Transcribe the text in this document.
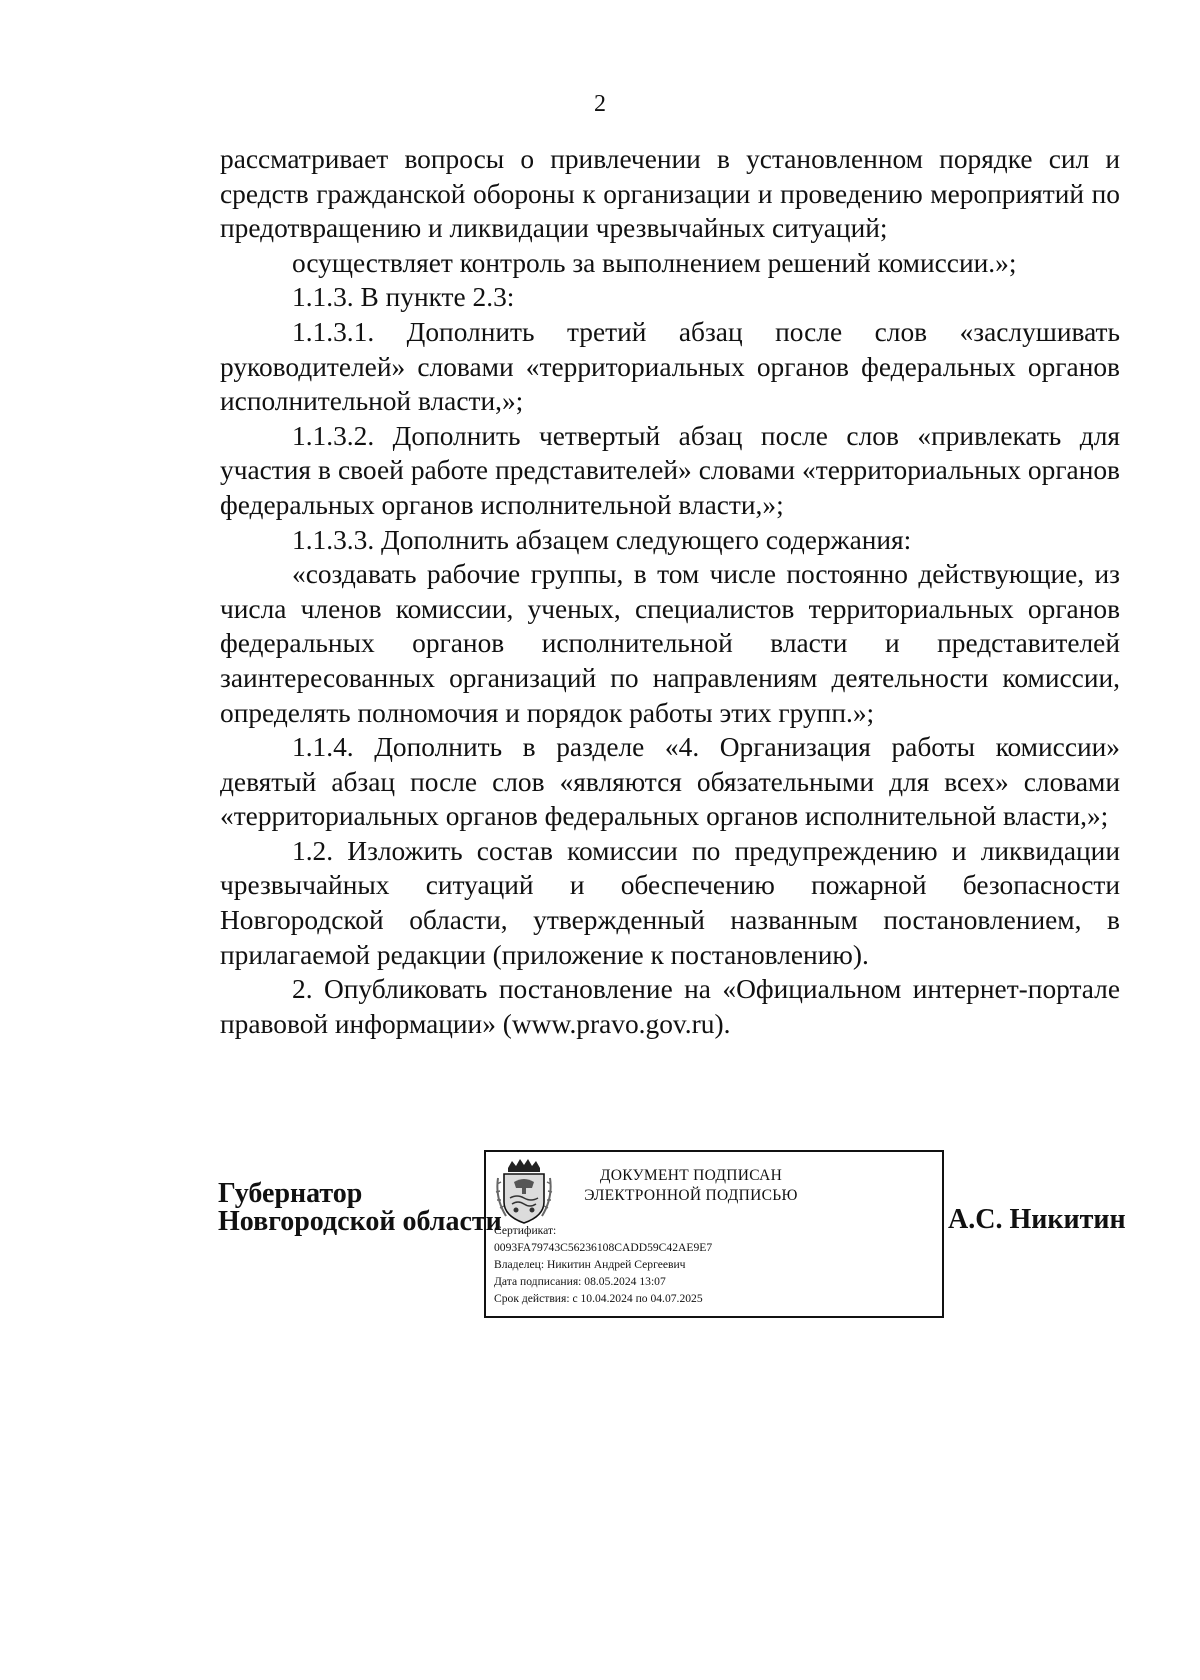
2

рассматривает вопросы о привлечении в установленном порядке сил и средств гражданской обороны к организации и проведению мероприятий по предотвращению и ликвидации чрезвычайных ситуаций;

осуществляет контроль за выполнением решений комиссии.»;

1.1.3. В пункте 2.3:

1.1.3.1. Дополнить третий абзац после слов «заслушивать руководителей» словами «территориальных органов федеральных органов исполнительной власти,»;

1.1.3.2. Дополнить четвертый абзац после слов «привлекать для участия в своей работе представителей» словами «территориальных органов федеральных органов исполнительной власти,»;

1.1.3.3. Дополнить абзацем следующего содержания:

«создавать рабочие группы, в том числе постоянно действующие, из числа членов комиссии, ученых, специалистов территориальных органов федеральных органов исполнительной власти и представителей заинтересованных организаций по направлениям деятельности комиссии, определять полномочия и порядок работы этих групп.»;

1.1.4. Дополнить в разделе «4. Организация работы комиссии» девятый абзац после слов «являются обязательными для всех» словами «территориальных органов федеральных органов исполнительной власти,»;

1.2. Изложить состав комиссии по предупреждению и ликвидации чрезвычайных ситуаций и обеспечению пожарной безопасности Новгородской области, утвержденный названным постановлением, в прилагаемой редакции (приложение к постановлению).

2. Опубликовать постановление на «Официальном интернет-портале правовой информации» (www.pravo.gov.ru).

Губернатор
Новгородской области
ДОКУМЕНТ ПОДПИСАН
ЭЛЕКТРОННОЙ ПОДПИСЬЮ
Сертификат:
0093FA79743C56236108CADD59C42AE9E7
Владелец: Никитин Андрей Сергеевич
Дата подписания: 08.05.2024 13:07
Срок действия: с 10.04.2024 по 04.07.2025
А.С. Никитин
